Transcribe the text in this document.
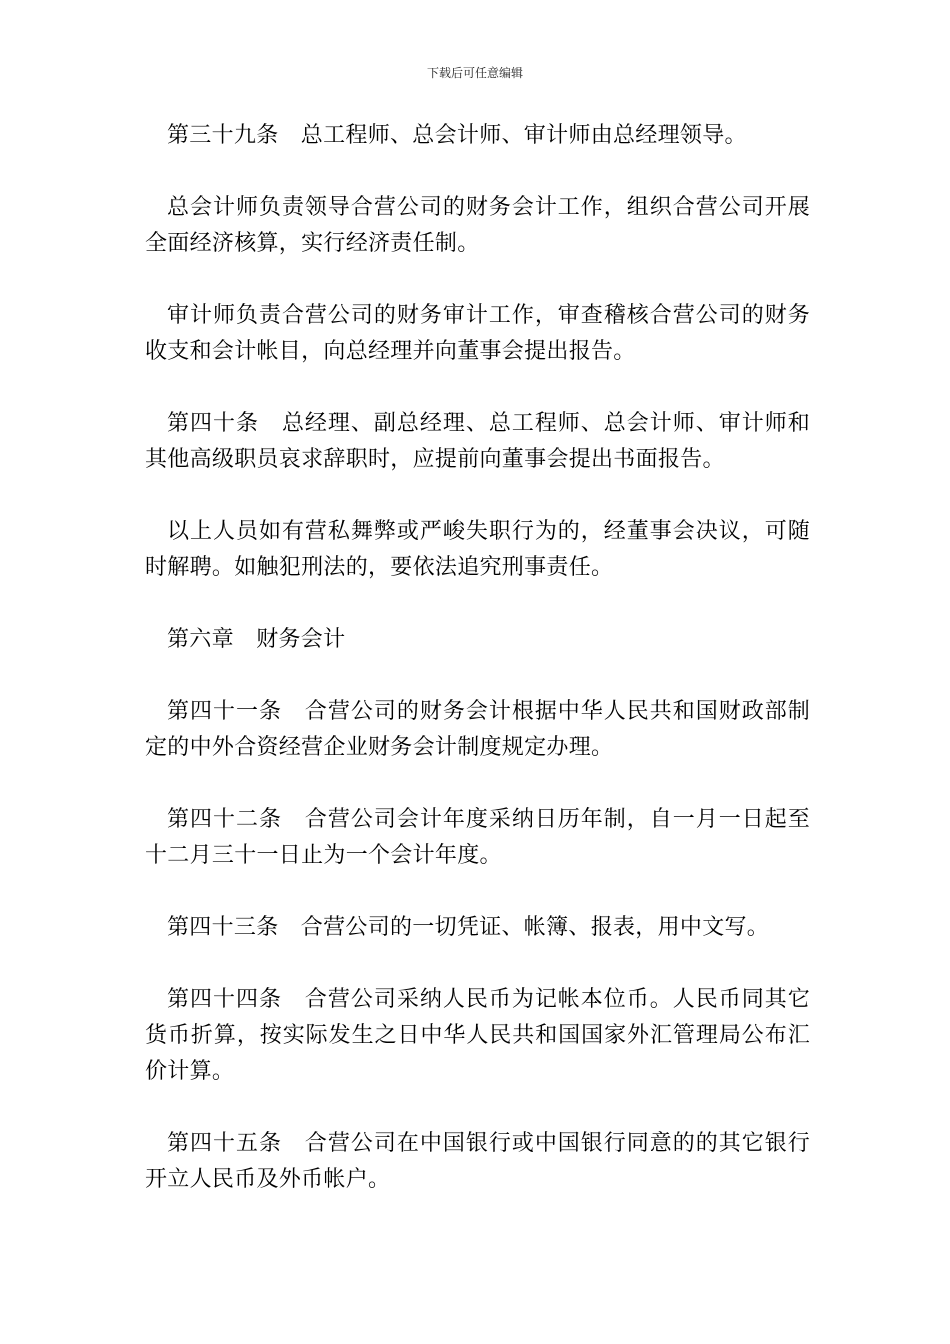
下载后可任意编辑

第三十九条　总工程师、总会计师、审计师由总经理领导。

总会计师负责领导合营公司的财务会计工作，组织合营公司开展全面经济核算，实行经济责任制。

审计师负责合营公司的财务审计工作，审查稽核合营公司的财务收支和会计帐目，向总经理并向董事会提出报告。

第四十条　总经理、副总经理、总工程师、总会计师、审计师和其他高级职员哀求辞职时，应提前向董事会提出书面报告。

以上人员如有营私舞弊或严峻失职行为的，经董事会决议，可随时解聘。如触犯刑法的，要依法追究刑事责任。

第六章　财务会计

第四十一条　合营公司的财务会计根据中华人民共和国财政部制定的中外合资经营企业财务会计制度规定办理。

第四十二条　合营公司会计年度采纳日历年制，自一月一日起至十二月三十一日止为一个会计年度。

第四十三条　合营公司的一切凭证、帐簿、报表，用中文写。

第四十四条　合营公司采纳人民币为记帐本位币。人民币同其它货币折算，按实际发生之日中华人民共和国国家外汇管理局公布汇价计算。

第四十五条　合营公司在中国银行或中国银行同意的的其它银行开立人民币及外币帐户。
